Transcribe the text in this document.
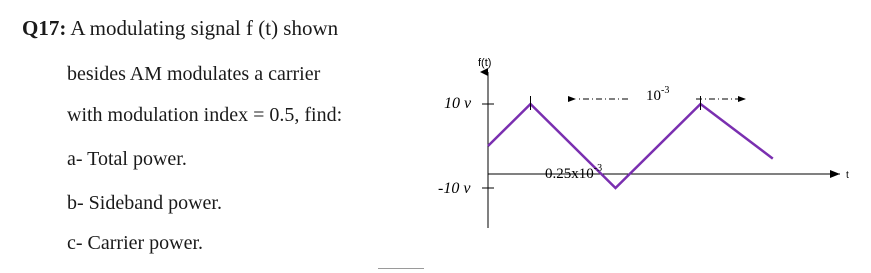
Q17: A modulating signal f (t) shown
besides AM modulates a carrier
with modulation index = 0.5, find:
a- Total power.
b- Sideband power.
c- Carrier power.
f(t)
t
10 v
-10 v
$10^{-3}$
$0.25x10^{-3}$
